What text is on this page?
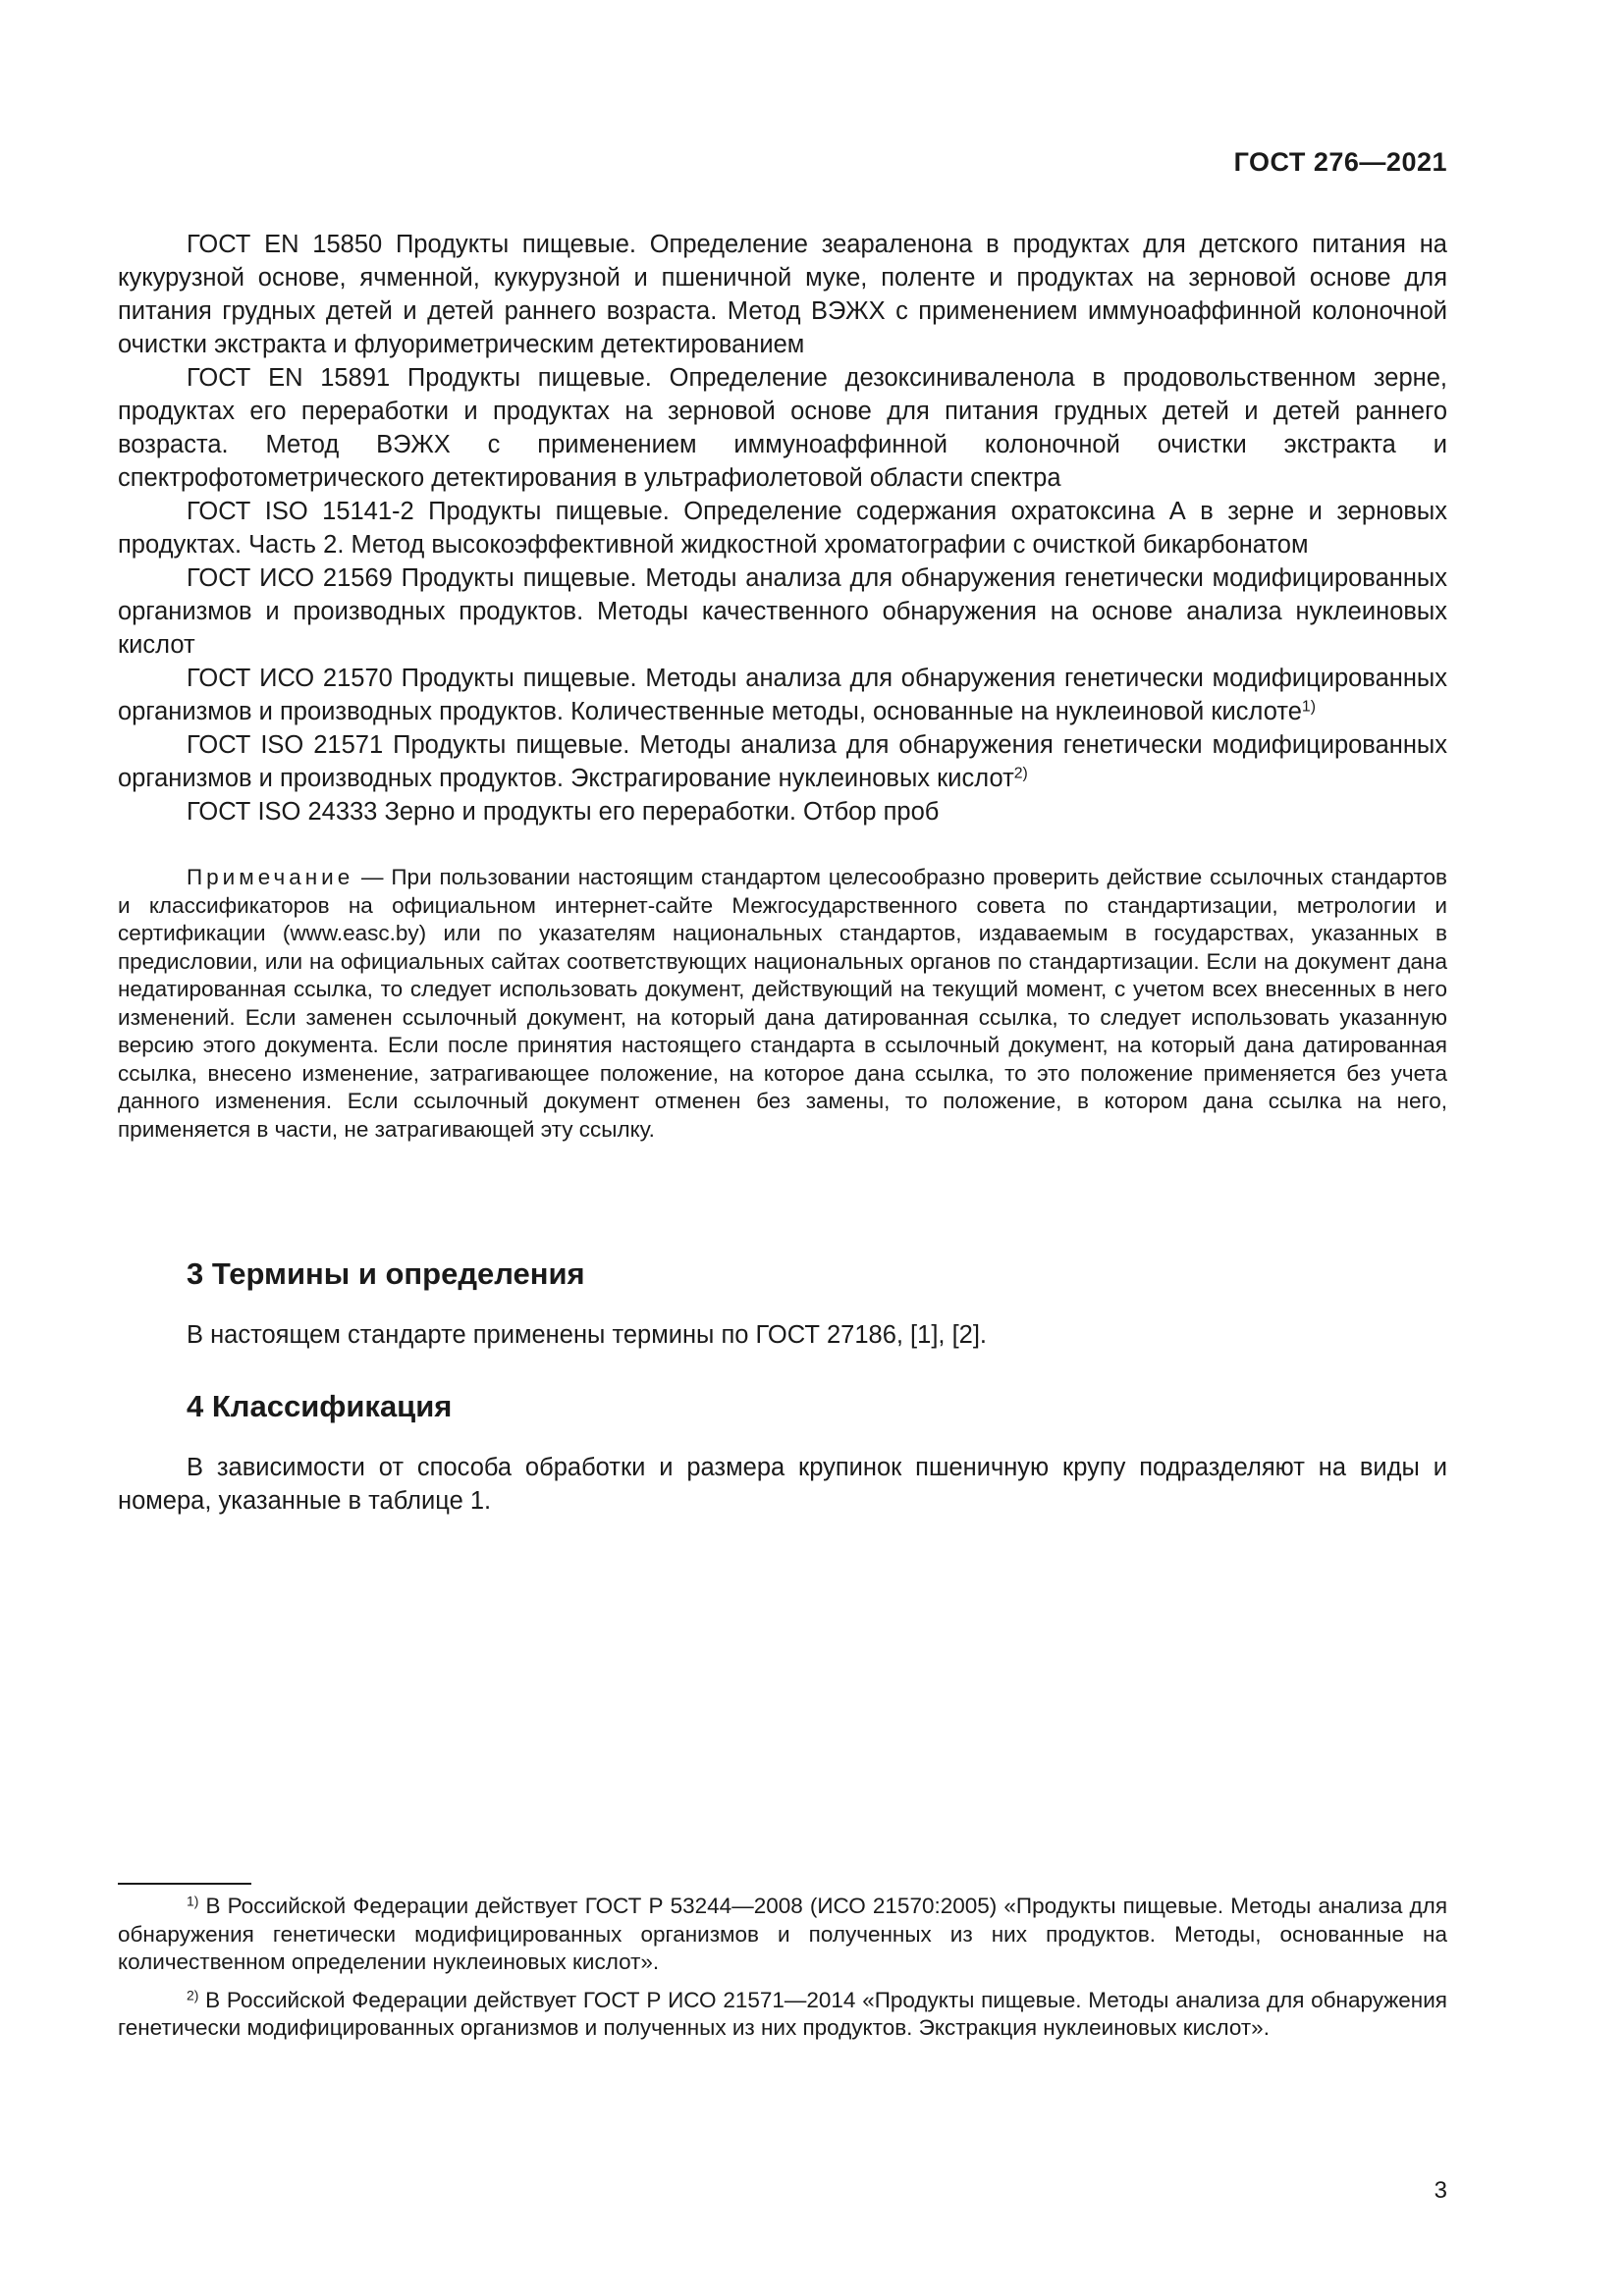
ГОСТ 276—2021

ГОСТ EN 15850 Продукты пищевые. Определение зеараленона в продуктах для детского питания на кукурузной основе, ячменной, кукурузной и пшеничной муке, поленте и продуктах на зерновой основе для питания грудных детей и детей раннего возраста. Метод ВЭЖХ с применением иммуноаффинной колоночной очистки экстракта и флуориметрическим детектированием

ГОСТ EN 15891 Продукты пищевые. Определение дезоксиниваленола в продовольственном зерне, продуктах его переработки и продуктах на зерновой основе для питания грудных детей и детей раннего возраста. Метод ВЭЖХ с применением иммуноаффинной колоночной очистки экстракта и спектрофотометрического детектирования в ультрафиолетовой области спектра

ГОСТ ISO 15141-2 Продукты пищевые. Определение содержания охратоксина А в зерне и зерновых продуктах. Часть 2. Метод высокоэффективной жидкостной хроматографии с очисткой бикарбонатом

ГОСТ ИСО 21569 Продукты пищевые. Методы анализа для обнаружения генетически модифицированных организмов и производных продуктов. Методы качественного обнаружения на основе анализа нуклеиновых кислот

ГОСТ ИСО 21570 Продукты пищевые. Методы анализа для обнаружения генетически модифицированных организмов и производных продуктов. Количественные методы, основанные на нуклеиновой кислоте$^{1)}$

ГОСТ ISO 21571 Продукты пищевые. Методы анализа для обнаружения генетически модифицированных организмов и производных продуктов. Экстрагирование нуклеиновых кислот$^{2)}$

ГОСТ ISO 24333 Зерно и продукты его переработки. Отбор проб

Примечание — При пользовании настоящим стандартом целесообразно проверить действие ссылочных стандартов и классификаторов на официальном интернет-сайте Межгосударственного совета по стандартизации, метрологии и сертификации (www.easc.by) или по указателям национальных стандартов, издаваемым в государствах, указанных в предисловии, или на официальных сайтах соответствующих национальных органов по стандартизации. Если на документ дана недатированная ссылка, то следует использовать документ, действующий на текущий момент, с учетом всех внесенных в него изменений. Если заменен ссылочный документ, на который дана датированная ссылка, то следует использовать указанную версию этого документа. Если после принятия настоящего стандарта в ссылочный документ, на который дана датированная ссылка, внесено изменение, затрагивающее положение, на которое дана ссылка, то это положение применяется без учета данного изменения. Если ссылочный документ отменен без замены, то положение, в котором дана ссылка на него, применяется в части, не затрагивающей эту ссылку.

3 Термины и определения

В настоящем стандарте применены термины по ГОСТ 27186, [1], [2].

4 Классификация

В зависимости от способа обработки и размера крупинок пшеничную крупу подразделяют на виды и номера, указанные в таблице 1.

$^{1)}$ В Российской Федерации действует ГОСТ Р 53244—2008 (ИСО 21570:2005) «Продукты пищевые. Методы анализа для обнаружения генетически модифицированных организмов и полученных из них продуктов. Методы, основанные на количественном определении нуклеиновых кислот».

$^{2)}$ В Российской Федерации действует ГОСТ Р ИСО 21571—2014 «Продукты пищевые. Методы анализа для обнаружения генетически модифицированных организмов и полученных из них продуктов. Экстракция нуклеиновых кислот».

3
